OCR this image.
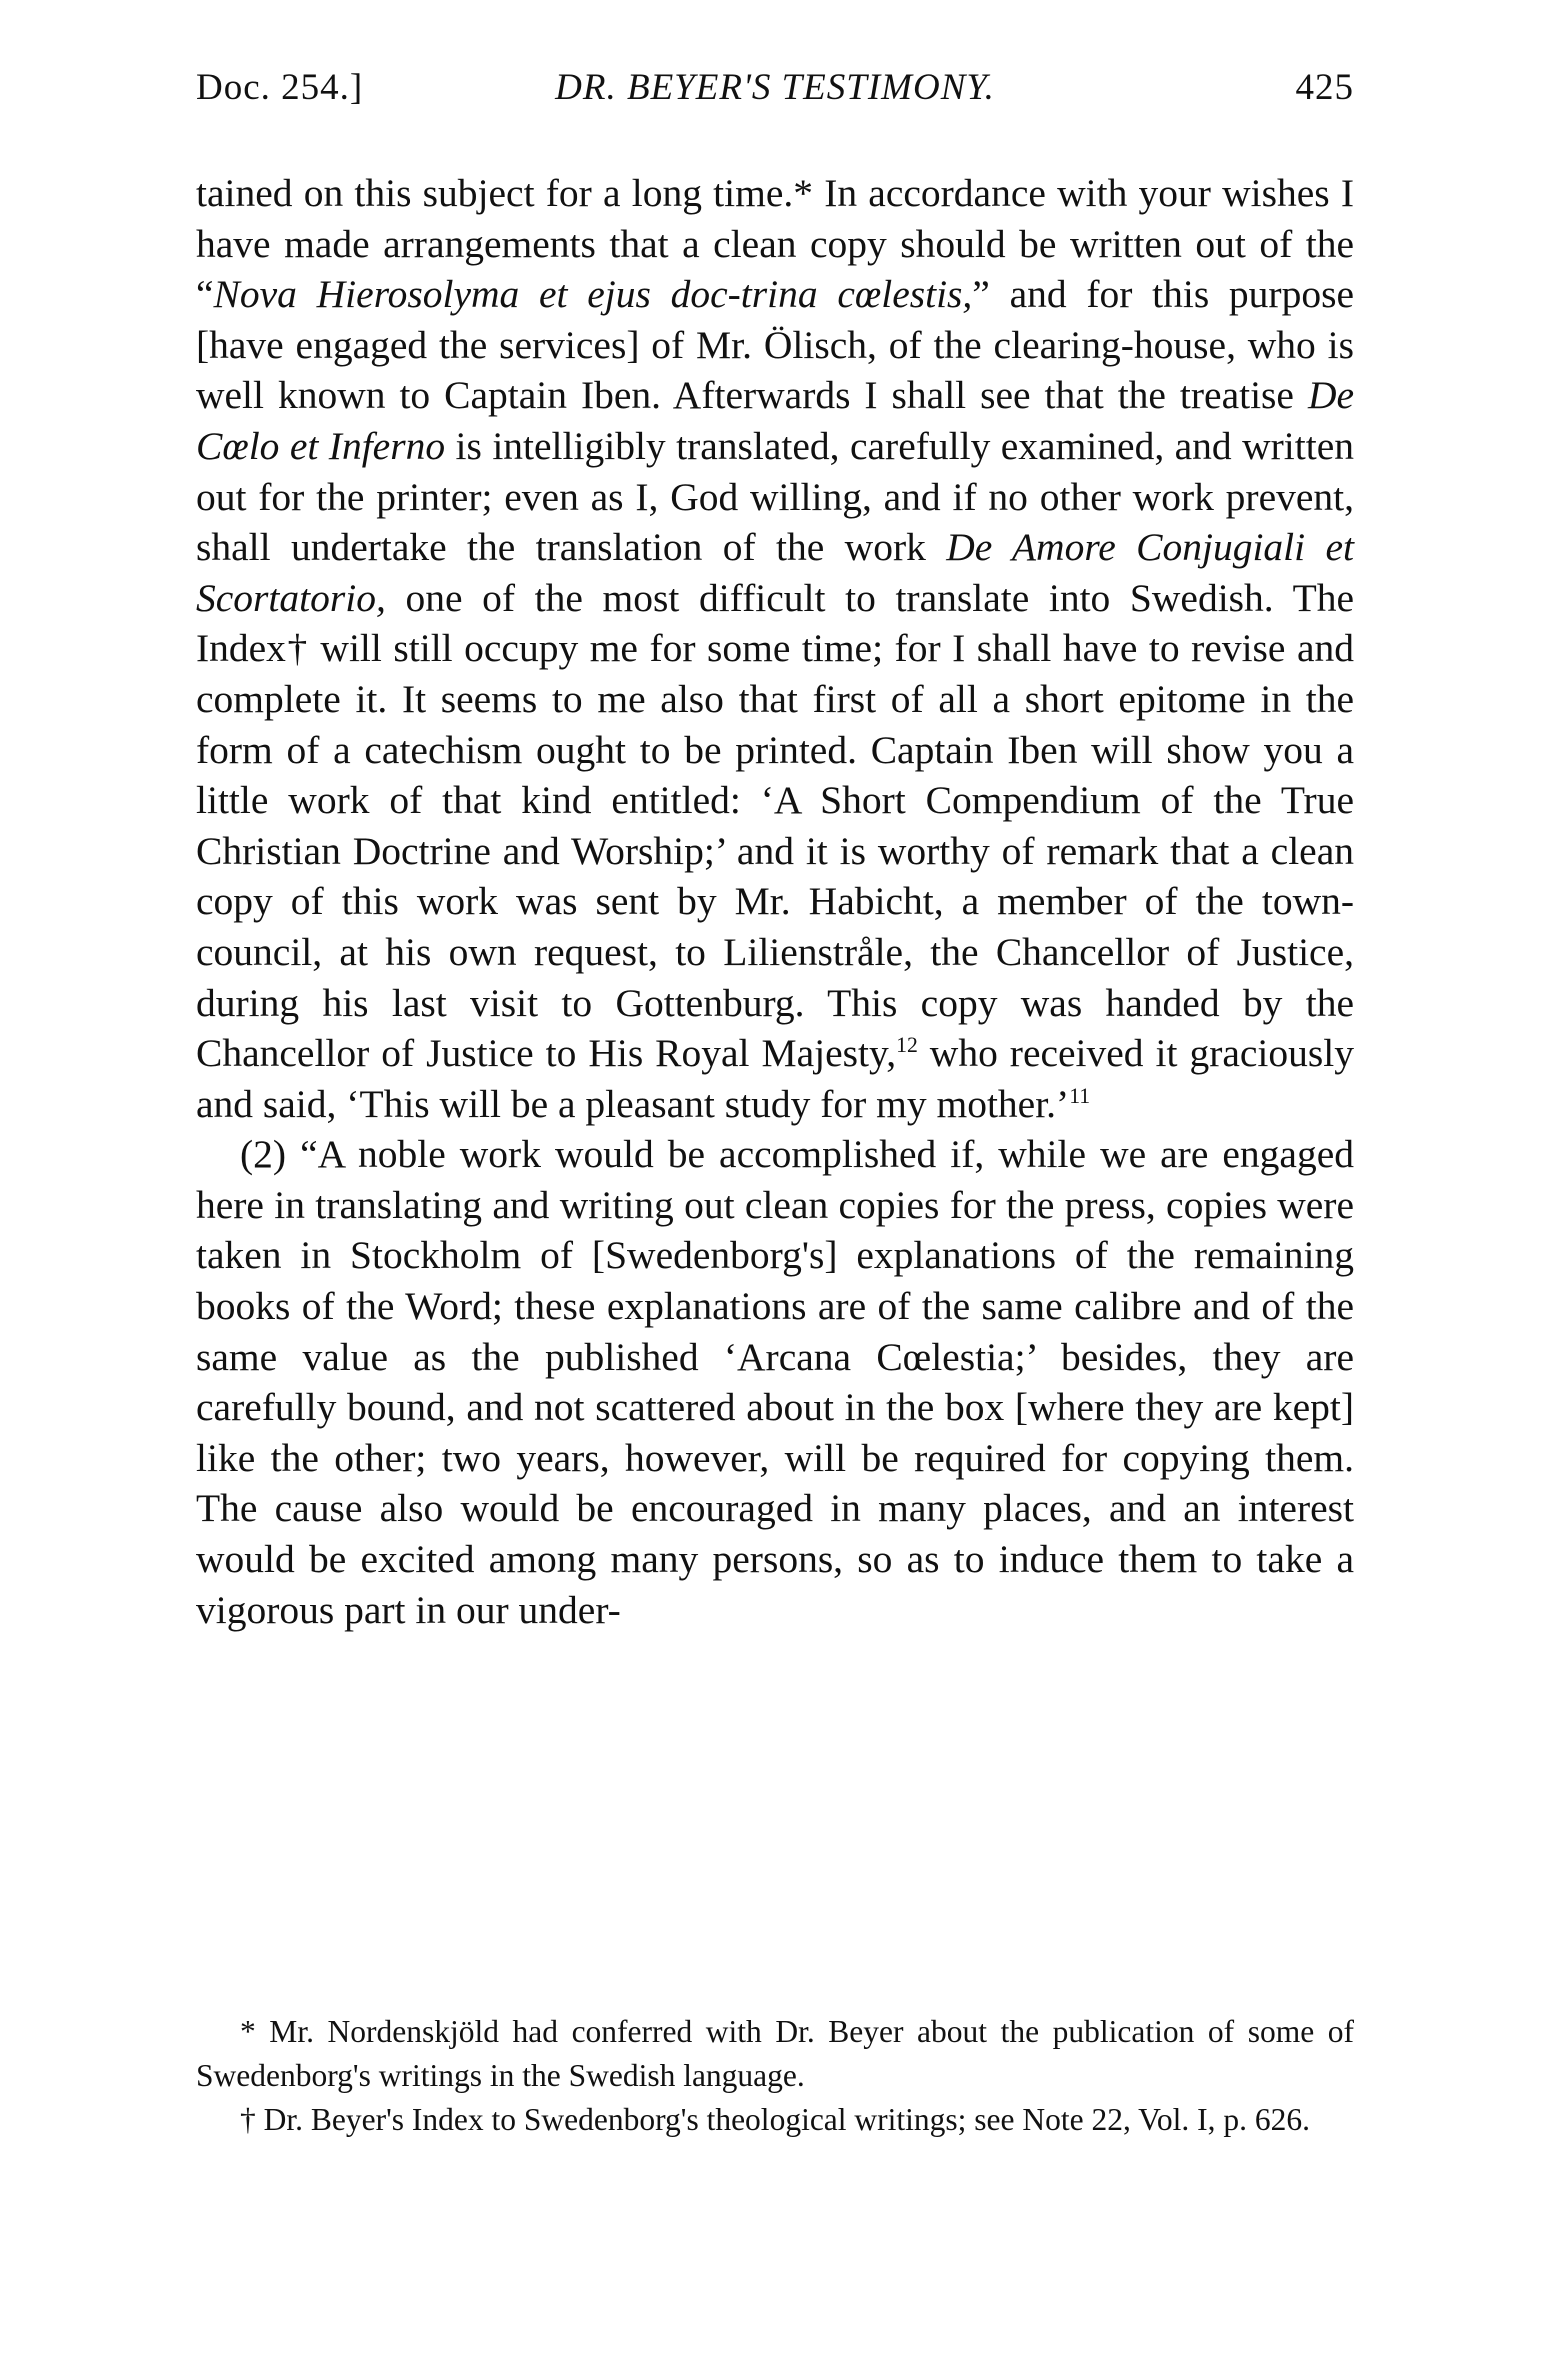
Doc. 254.]	DR. BEYER'S TESTIMONY.	425

tained on this subject for a long time.* In accordance with your wishes I have made arrangements that a clean copy should be written out of the “Nova Hierosolyma et ejus doc-trina cœlestis,” and for this purpose [have engaged the services] of Mr. Ölisch, of the clearing-house, who is well known to Captain Iben. Afterwards I shall see that the treatise De Cœlo et Inferno is intelligibly translated, carefully examined, and written out for the printer; even as I, God willing, and if no other work prevent, shall undertake the translation of the work De Amore Conjugiali et Scortatorio, one of the most difficult to translate into Swedish. The Index† will still occupy me for some time; for I shall have to revise and complete it. It seems to me also that first of all a short epitome in the form of a catechism ought to be printed. Captain Iben will show you a little work of that kind entitled: ‘A Short Compendium of the True Christian Doctrine and Worship;’ and it is worthy of remark that a clean copy of this work was sent by Mr. Habicht, a member of the town-council, at his own request, to Lilienstråle, the Chancellor of Justice, during his last visit to Gottenburg. This copy was handed by the Chancellor of Justice to His Royal Majesty,$^{12}$ who received it graciously and said, ‘This will be a pleasant study for my mother.’$^{11}$

(2) “A noble work would be accomplished if, while we are engaged here in translating and writing out clean copies for the press, copies were taken in Stockholm of [Swedenborg's] explanations of the remaining books of the Word; these explanations are of the same calibre and of the same value as the published ‘Arcana Cœlestia;’ besides, they are carefully bound, and not scattered about in the box [where they are kept] like the other; two years, however, will be required for copying them. The cause also would be encouraged in many places, and an interest would be excited among many persons, so as to induce them to take a vigorous part in our under-

* Mr. Nordenskjöld had conferred with Dr. Beyer about the publication of some of Swedenborg's writings in the Swedish language.

† Dr. Beyer's Index to Swedenborg's theological writings; see Note 22, Vol. I, p. 626.
